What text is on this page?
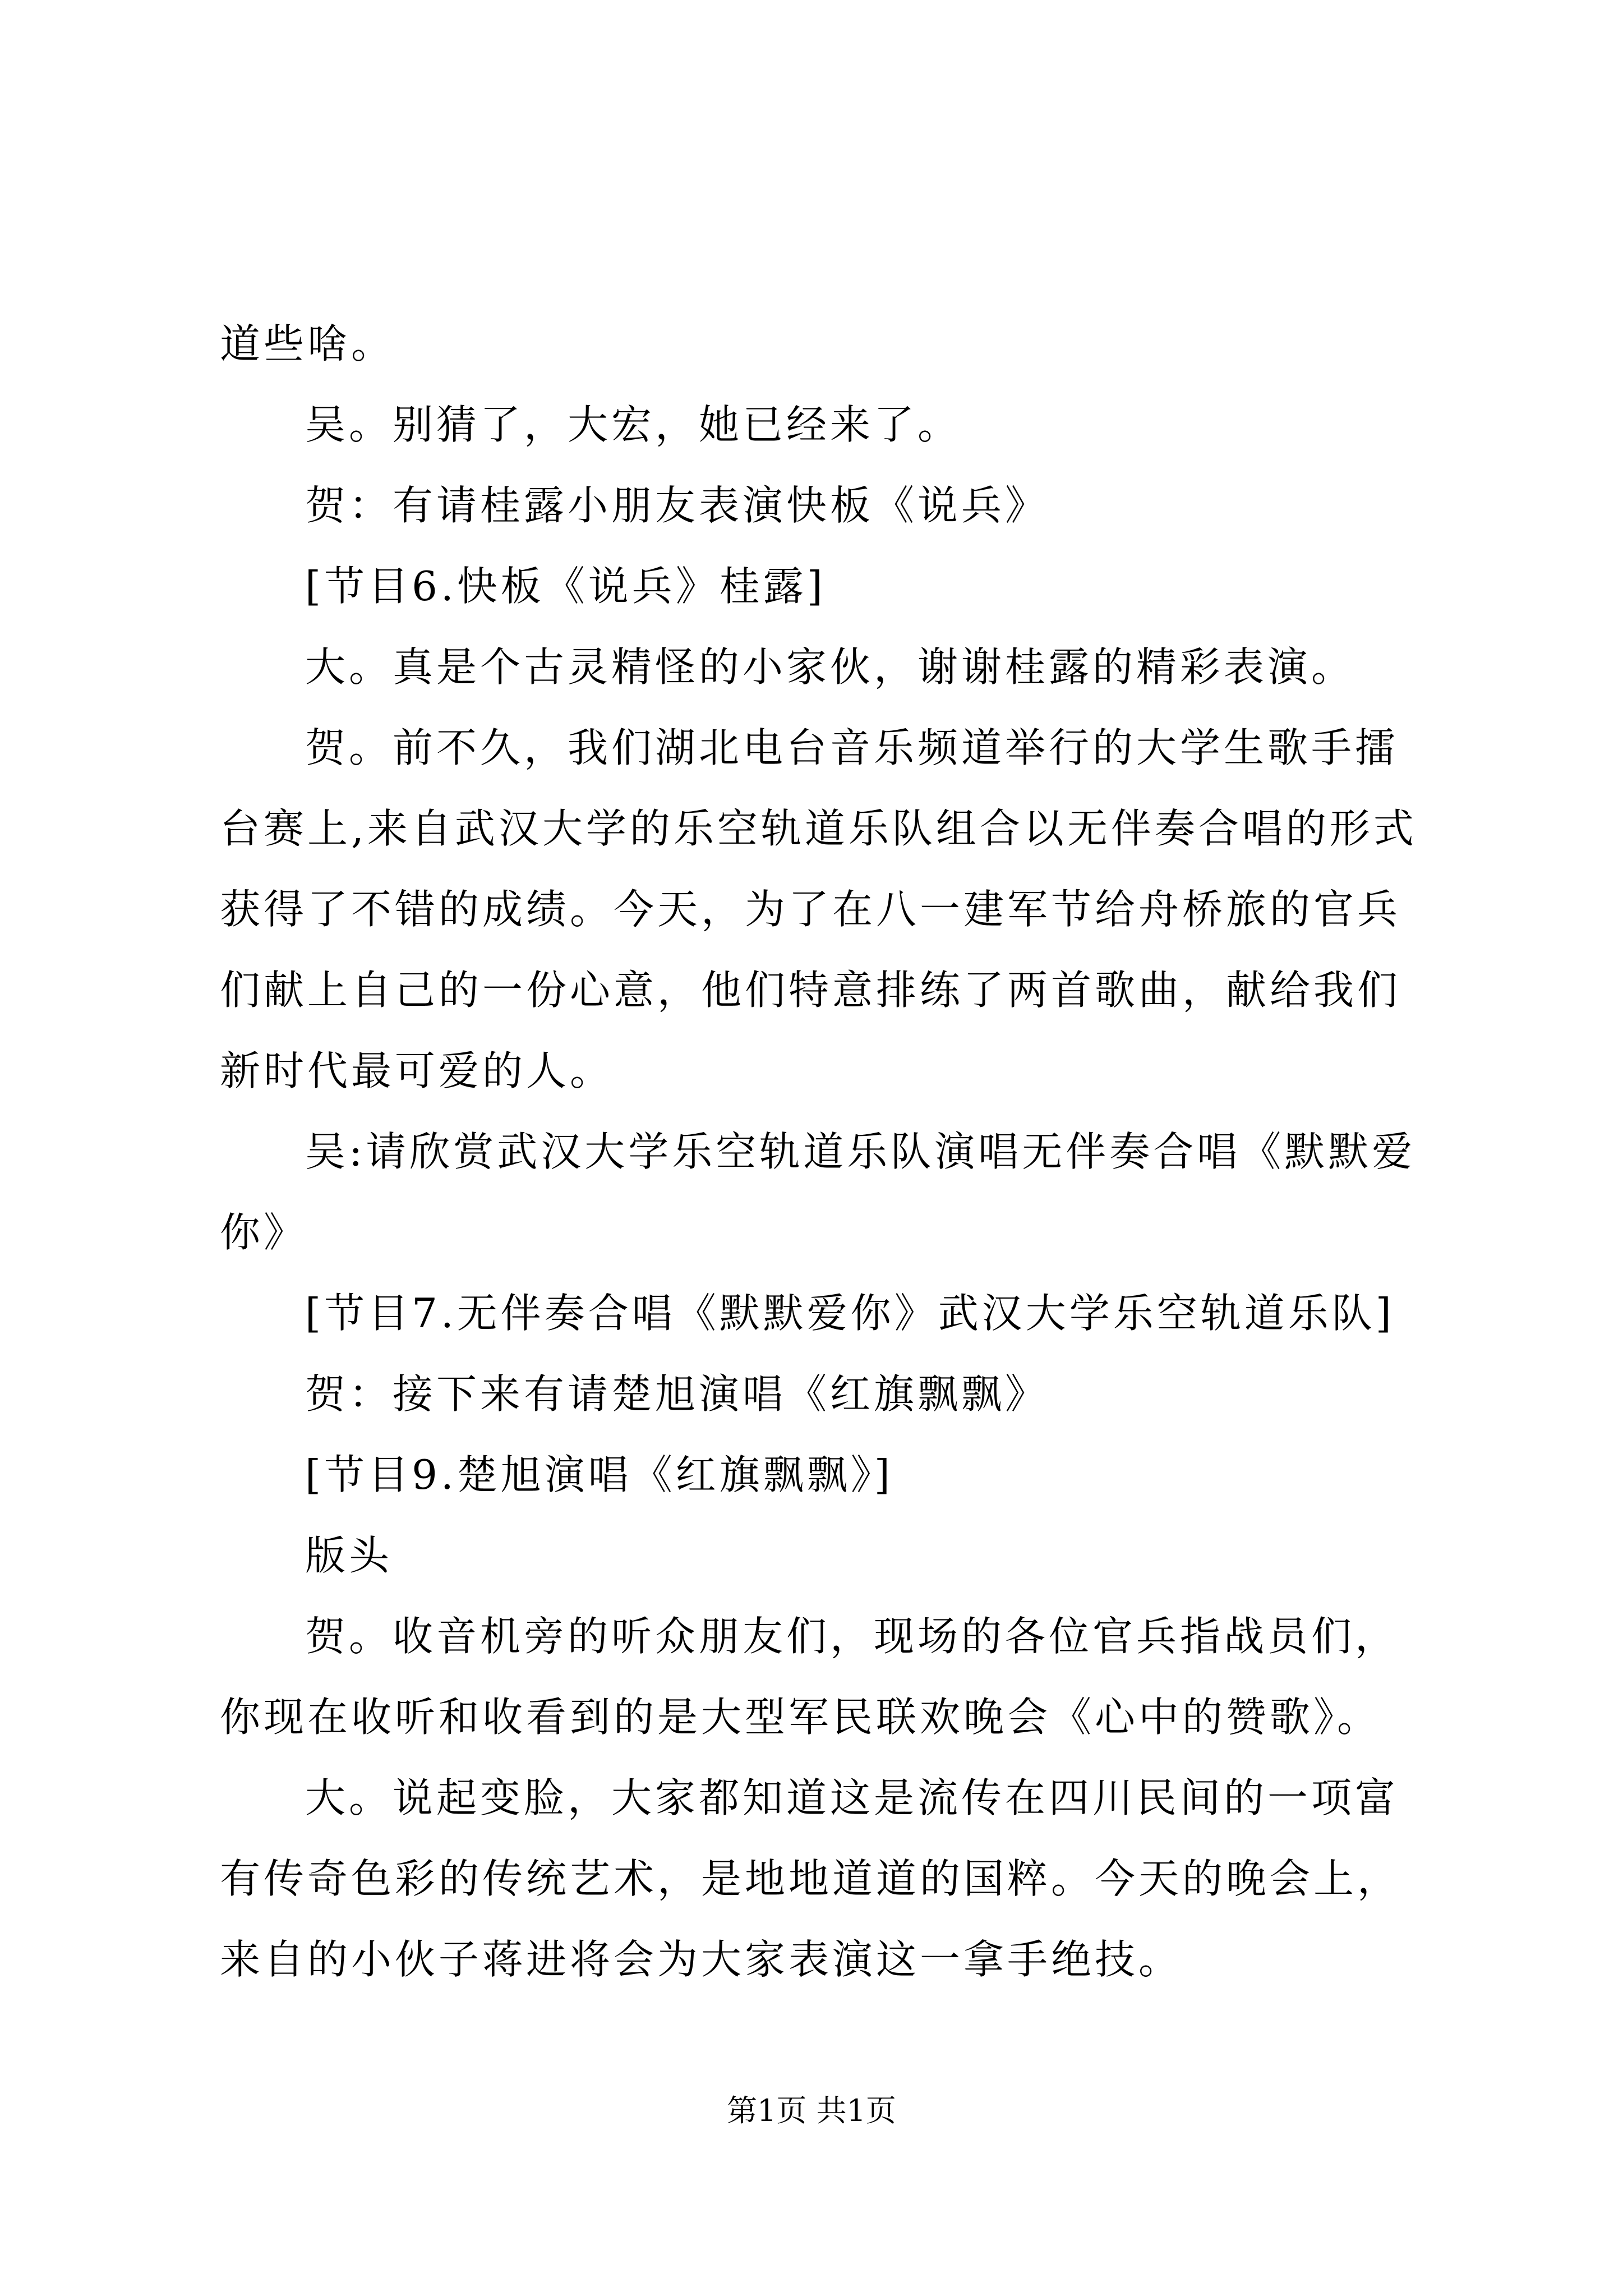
道些啥。

吴。别猜了，大宏，她已经来了。

贺：有请桂露小朋友表演快板《说兵》

[节目6.快板《说兵》桂露]

大。真是个古灵精怪的小家伙，谢谢桂露的精彩表演。

贺。前不久，我们湖北电台音乐频道举行的大学生歌手擂台赛上,来自武汉大学的乐空轨道乐队组合以无伴奏合唱的形式获得了不错的成绩。今天，为了在八一建军节给舟桥旅的官兵们献上自己的一份心意，他们特意排练了两首歌曲，献给我们新时代最可爱的人。

吴:请欣赏武汉大学乐空轨道乐队演唱无伴奏合唱《默默爱你》

[节目7.无伴奏合唱《默默爱你》武汉大学乐空轨道乐队]

贺：接下来有请楚旭演唱《红旗飘飘》

[节目9.楚旭演唱《红旗飘飘》]

版头

贺。收音机旁的听众朋友们，现场的各位官兵指战员们，你现在收听和收看到的是大型军民联欢晚会《心中的赞歌》。

大。说起变脸，大家都知道这是流传在四川民间的一项富有传奇色彩的传统艺术，是地地道道的国粹。今天的晚会上，来自的小伙子蒋进将会为大家表演这一拿手绝技。

第1页 共1页
